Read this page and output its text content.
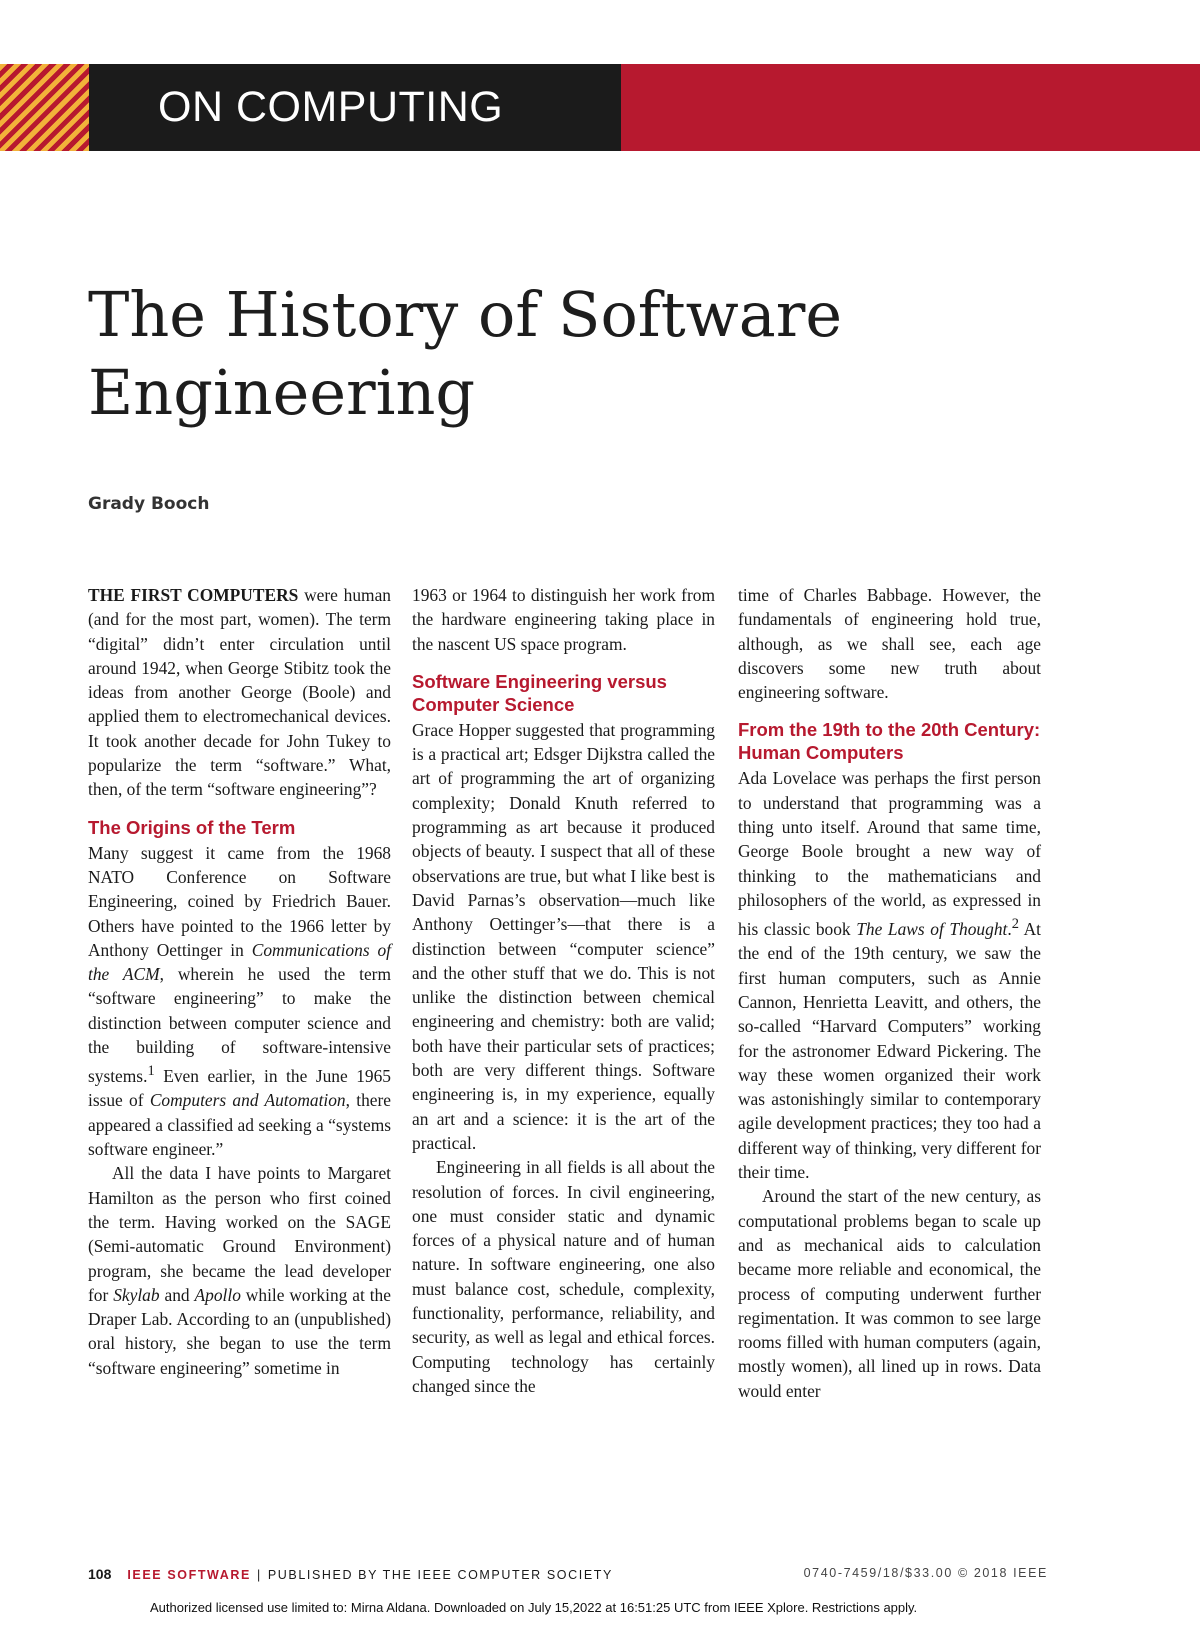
ON COMPUTING
The History of Software Engineering
Grady Booch

THE FIRST COMPUTERS were human (and for the most part, women). The term “digital” didn’t enter circulation until around 1942, when George Stibitz took the ideas from another George (Boole) and applied them to electromechanical devices. It took another decade for John Tukey to popularize the term “software.” What, then, of the term “software engineering”?

The Origins of the Term

Many suggest it came from the 1968 NATO Conference on Software Engineering, coined by Friedrich Bauer. Others have pointed to the 1966 letter by Anthony Oettinger in Communications of the ACM, wherein he used the term “software engineering” to make the distinction between computer science and the building of software-intensive systems.$^1$ Even earlier, in the June 1965 issue of Computers and Automation, there appeared a classified ad seeking a “systems software engineer.”

All the data I have points to Margaret Hamilton as the person who first coined the term. Having worked on the SAGE (Semi-automatic Ground Environment) program, she became the lead developer for Skylab and Apollo while working at the Draper Lab. According to an (unpublished) oral history, she began to use the term “software engineering” sometime in

1963 or 1964 to distinguish her work from the hardware engineering taking place in the nascent US space program.

Software Engineering versus Computer Science

Grace Hopper suggested that programming is a practical art; Edsger Dijkstra called the art of programming the art of organizing complexity; Donald Knuth referred to programming as art because it produced objects of beauty. I suspect that all of these observations are true, but what I like best is David Parnas’s observation—much like Anthony Oettinger’s—that there is a distinction between “computer science” and the other stuff that we do. This is not unlike the distinction between chemical engineering and chemistry: both are valid; both have their particular sets of practices; both are very different things. Software engineering is, in my experience, equally an art and a science: it is the art of the practical.

Engineering in all fields is all about the resolution of forces. In civil engineering, one must consider static and dynamic forces of a physical nature and of human nature. In software engineering, one also must balance cost, schedule, complexity, functionality, performance, reliability, and security, as well as legal and ethical forces. Computing technology has certainly changed since the

time of Charles Babbage. However, the fundamentals of engineering hold true, although, as we shall see, each age discovers some new truth about engineering software.

From the 19th to the 20th Century: Human Computers

Ada Lovelace was perhaps the first person to understand that programming was a thing unto itself. Around that same time, George Boole brought a new way of thinking to the mathematicians and philosophers of the world, as expressed in his classic book The Laws of Thought.$^2$ At the end of the 19th century, we saw the first human computers, such as Annie Cannon, Henrietta Leavitt, and others, the so-called “Harvard Computers” working for the astronomer Edward Pickering. The way these women organized their work was astonishingly similar to contemporary agile development practices; they too had a different way of thinking, very different for their time.

Around the start of the new century, as computational problems began to scale up and as mechanical aids to calculation became more reliable and economical, the process of computing underwent further regimentation. It was common to see large rooms filled with human computers (again, mostly women), all lined up in rows. Data would enter

108 IEEE SOFTWARE | PUBLISHED BY THE IEEE COMPUTER SOCIETY	0740-7459/18/$33.00 © 2018 IEEE
Authorized licensed use limited to: Mirna Aldana. Downloaded on July 15,2022 at 16:51:25 UTC from IEEE Xplore. Restrictions apply.
